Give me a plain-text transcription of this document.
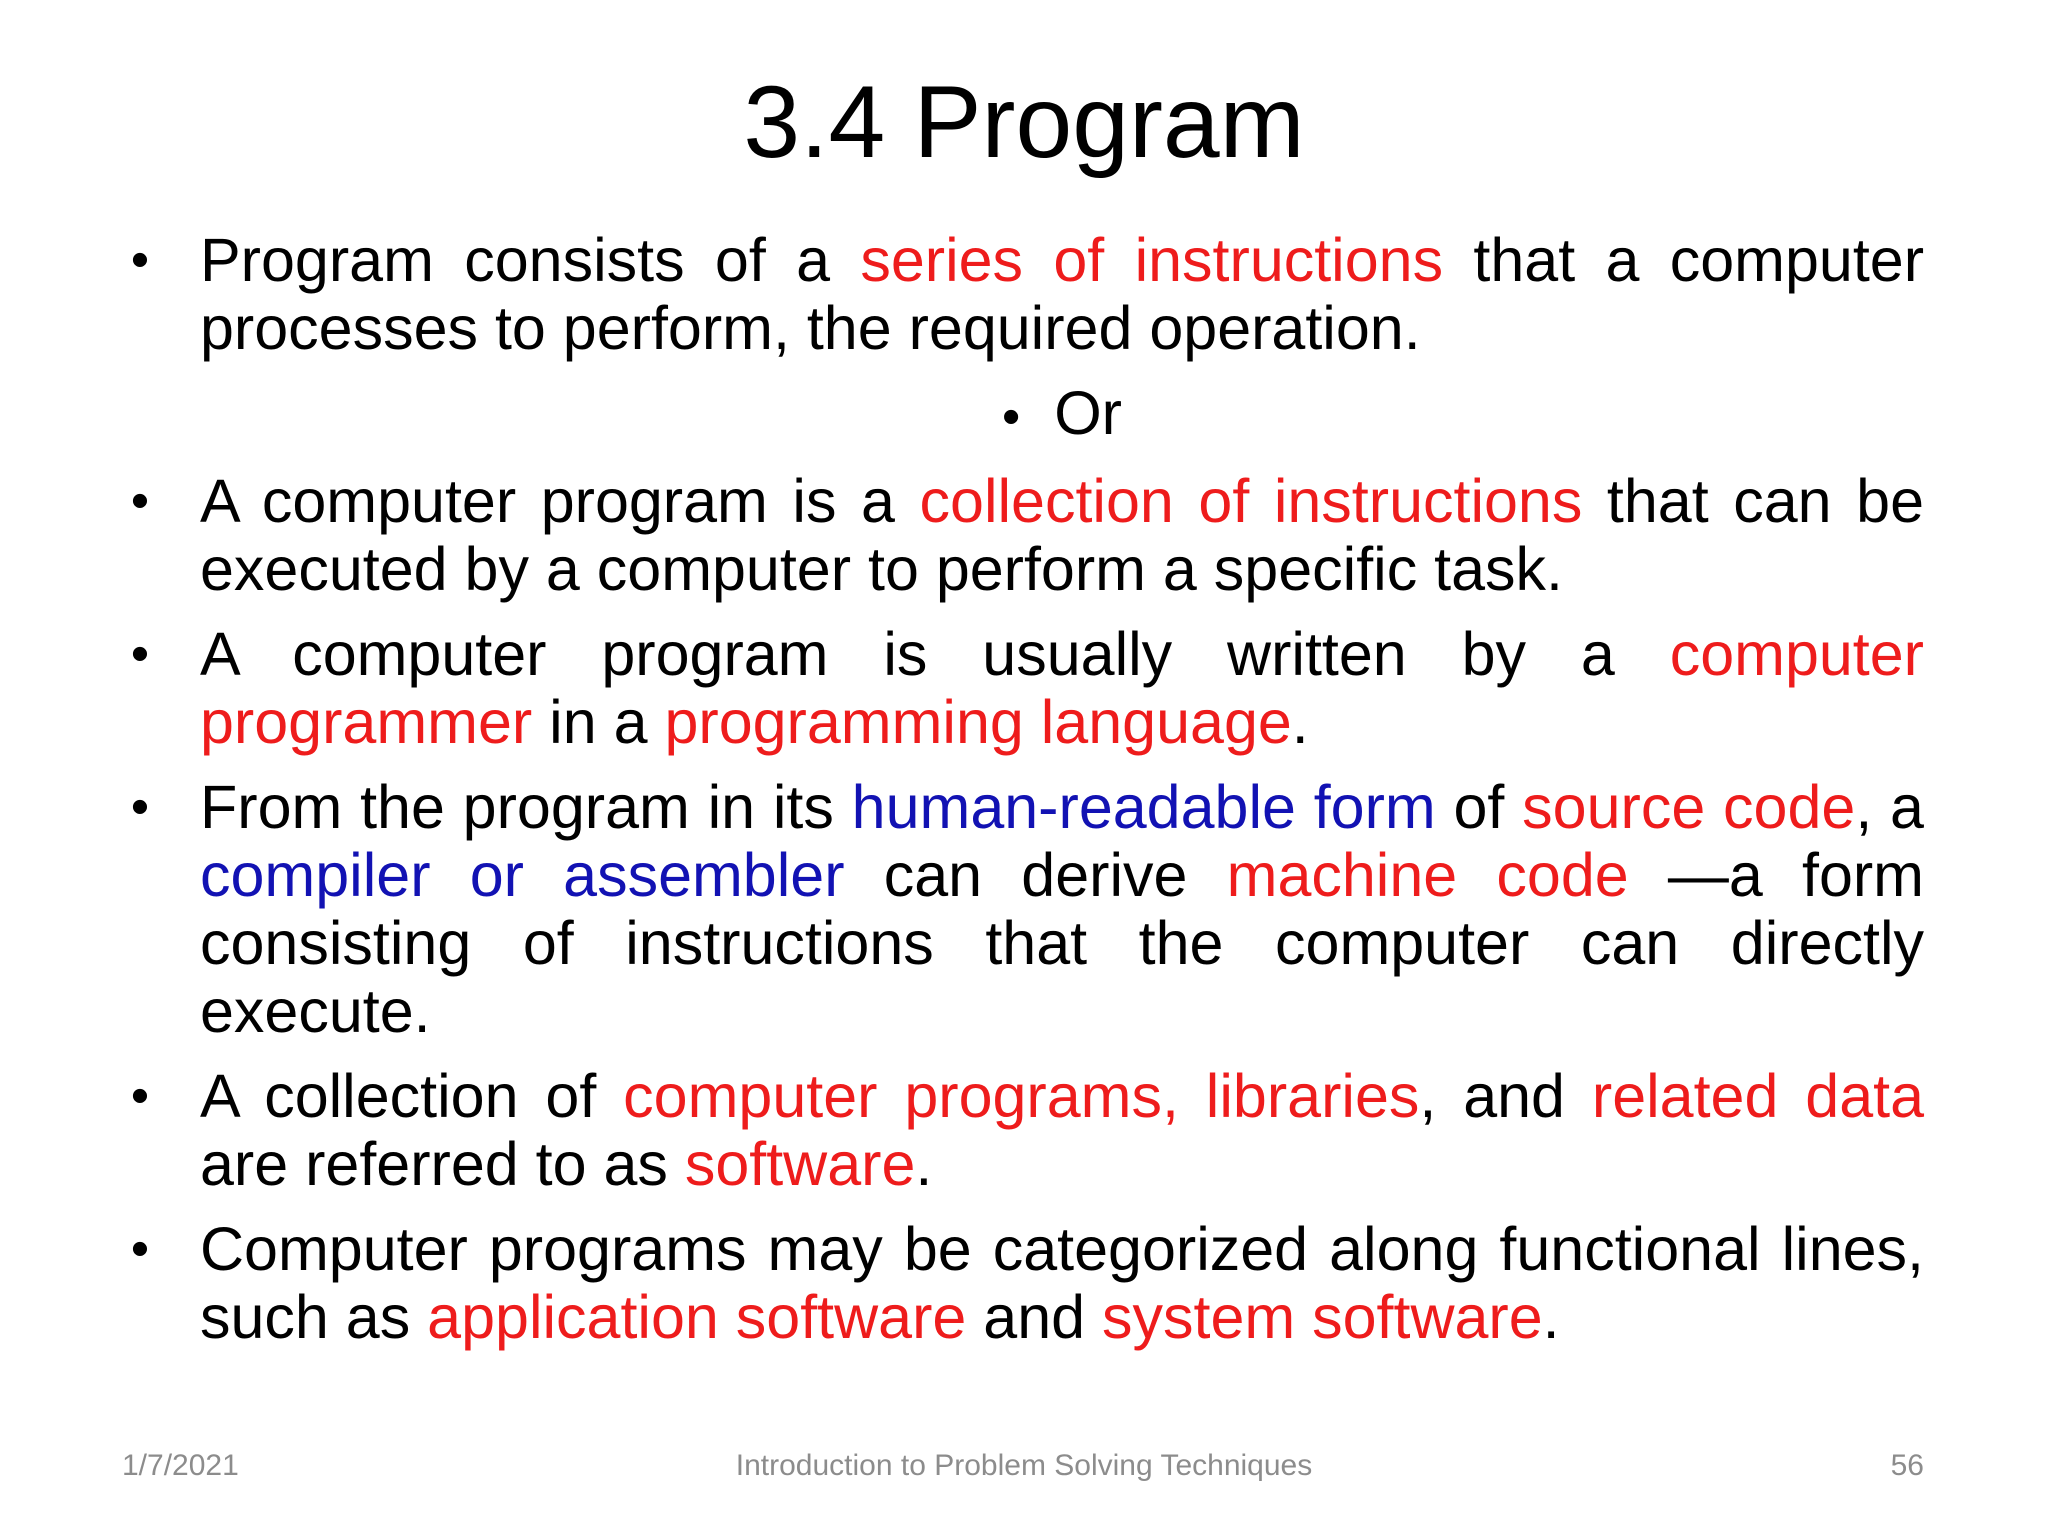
3.4 Program
• Program consists of a series of instructions that a computer processes to perform, the required operation.
• Or
• A computer program is a collection of instructions that can be executed by a computer to perform a specific task.
• A computer program is usually written by a computer programmer in a programming language.
• From the program in its human-readable form of source code, a compiler or assembler can derive machine code —a form consisting of instructions that the computer can directly execute.
• A collection of computer programs, libraries, and related data are referred to as software.
• Computer programs may be categorized along functional lines, such as application software and system software.
1/7/2021	Introduction to Problem Solving Techniques	56
